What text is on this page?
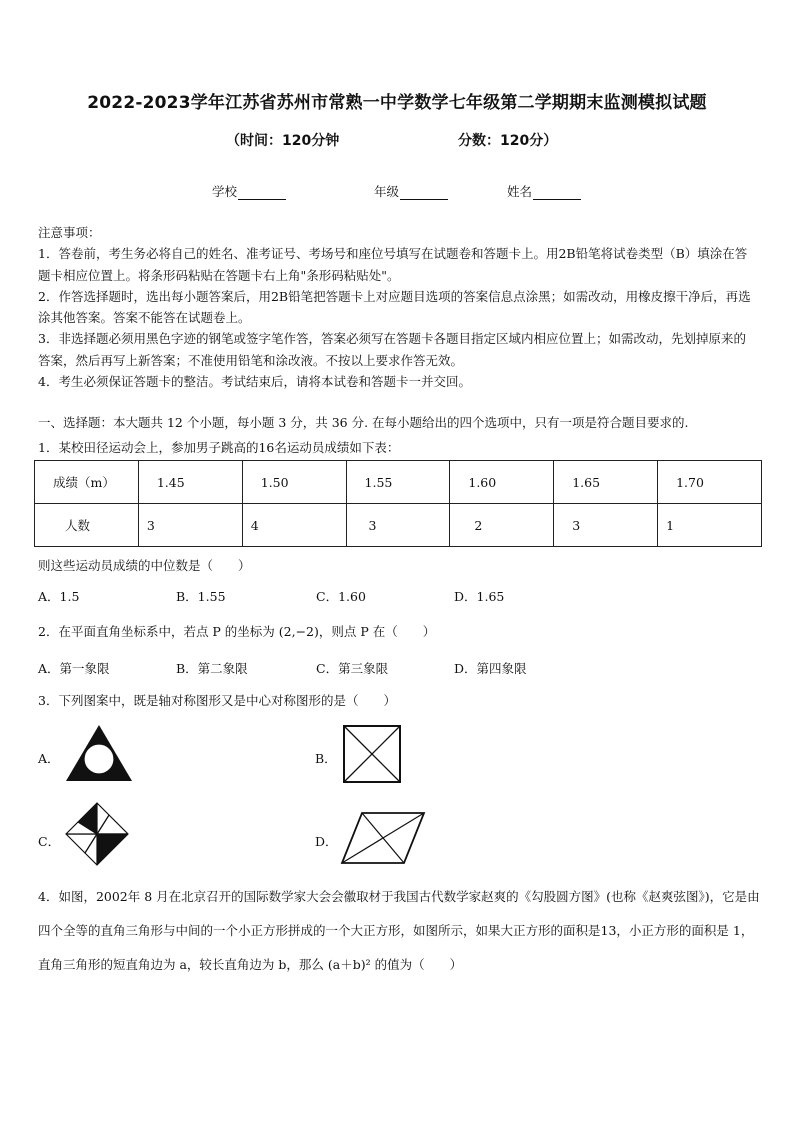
2022-2023学年江苏省苏州市常熟一中学数学七年级第二学期期末监测模拟试题
（时间：120分钟	分数：120分）
学校	年级	姓名
注意事项：
1．答卷前，考生务必将自己的姓名、准考证号、考场号和座位号填写在试题卷和答题卡上。用2B铅笔将试卷类型（B）填涂在答题卡相应位置上。将条形码粘贴在答题卡右上角"条形码粘贴处"。
2．作答选择题时，选出每小题答案后，用2B铅笔把答题卡上对应题目选项的答案信息点涂黑；如需改动，用橡皮擦干净后，再选涂其他答案。答案不能答在试题卷上。
3．非选择题必须用黑色字迹的钢笔或签字笔作答，答案必须写在答题卡各题目指定区域内相应位置上；如需改动，先划掉原来的答案，然后再写上新答案；不准使用铅笔和涂改液。不按以上要求作答无效。
4．考生必须保证答题卡的整洁。考试结束后，请将本试卷和答题卡一并交回。
一、选择题：本大题共 12 个小题，每小题 3 分，共 36 分. 在每小题给出的四个选项中，只有一项是符合题目要求的.
1．某校田径运动会上，参加男子跳高的16名运动员成绩如下表：
成绩（m）	1.45	1.50	1.55	1.60	1.65	1.70
人数	3	4	3	2	3	1
则这些运动员成绩的中位数是（　　）
A．1.5	B．1.55	C．1.60	D．1.65
2．在平面直角坐标系中，若点 P 的坐标为 (2,−2)，则点 P 在（　　）
A．第一象限	B．第二象限	C．第三象限	D．第四象限
3．下列图案中，既是轴对称图形又是中心对称图形的是（　　）
A．	B．
C．	D．
4．如图，2002年 8 月在北京召开的国际数学家大会会徽取材于我国古代数学家赵爽的《勾股圆方图》(也称《赵爽弦图》)，它是由四个全等的直角三角形与中间的一个小正方形拼成的一个大正方形，如图所示，如果大正方形的面积是13，小正方形的面积是 1，直角三角形的短直角边为 a，较长直角边为 b，那么 (a＋b)² 的值为（　　）
